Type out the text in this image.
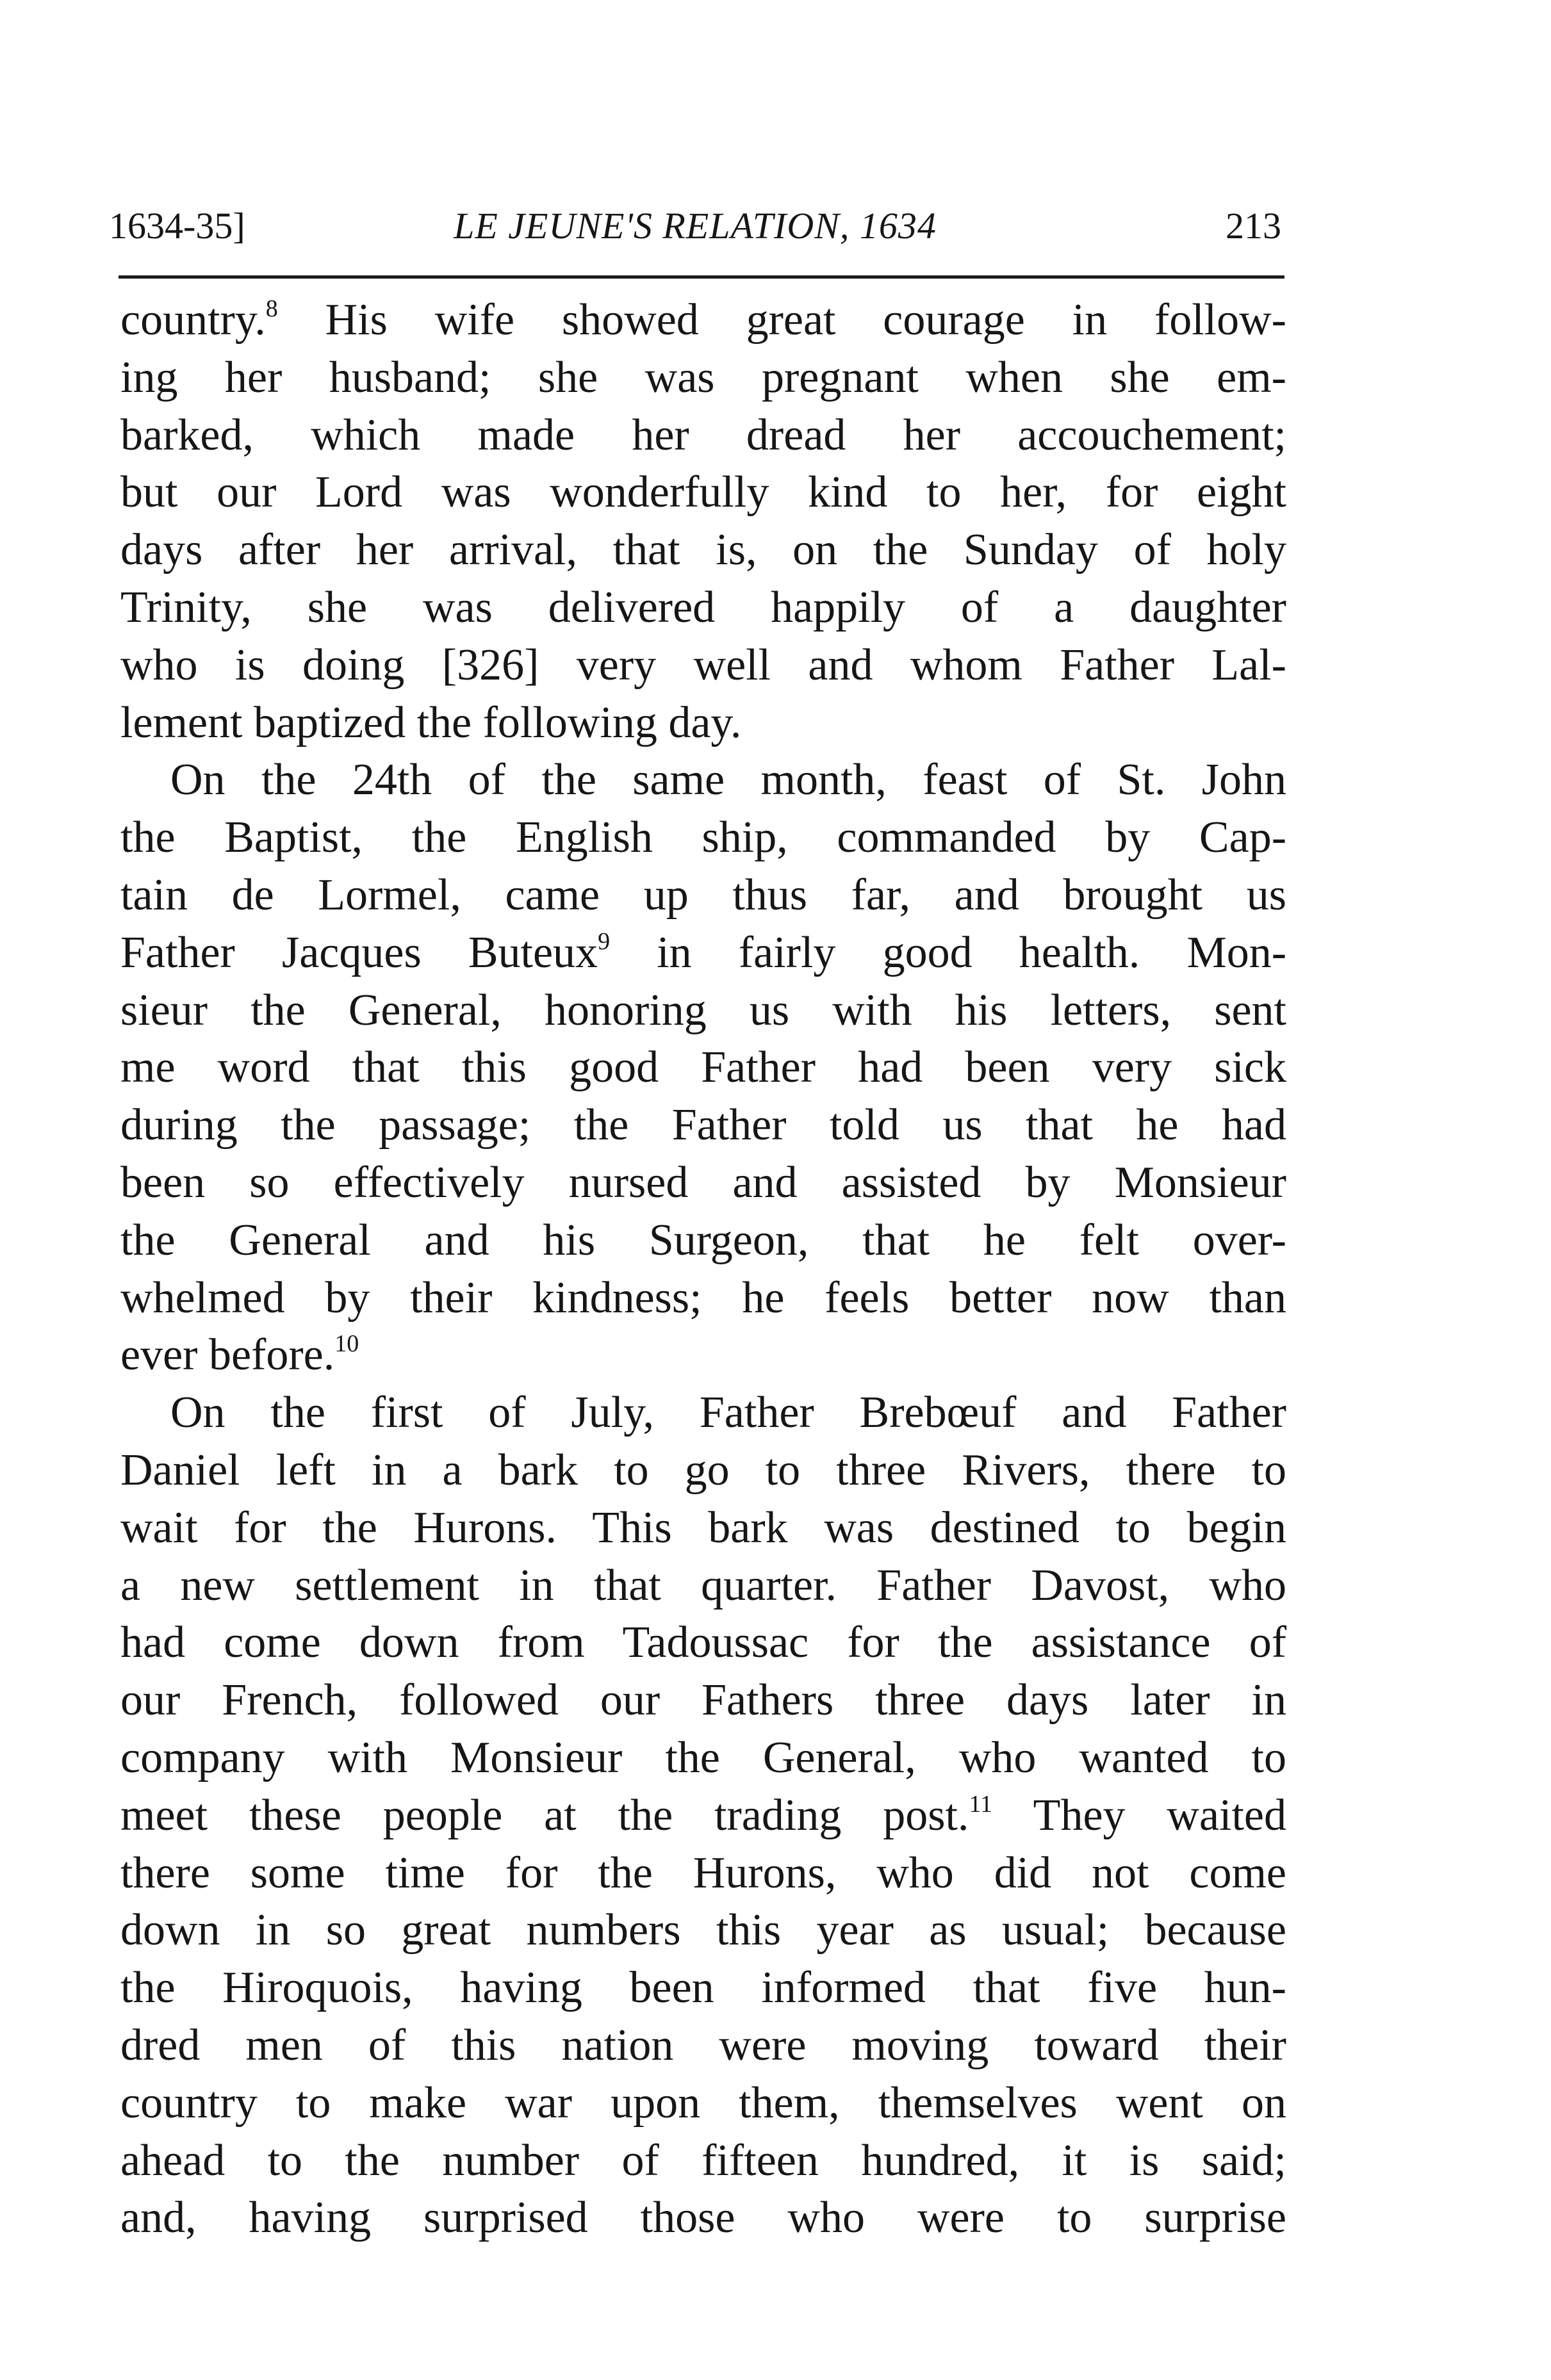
1634-35]	LE JEUNE'S RELATION, 1634	213
country.$^8$ His wife showed great courage in follow-
ing her husband; she was pregnant when she em-
barked, which made her dread her accouchement;
but our Lord was wonderfully kind to her, for eight
days after her arrival, that is, on the Sunday of holy
Trinity, she was delivered happily of a daughter
who is doing [326] very well and whom Father Lal-
lement baptized the following day.
On the 24th of the same month, feast of St. John
the Baptist, the English ship, commanded by Cap-
tain de Lormel, came up thus far, and brought us
Father Jacques Buteux$^9$ in fairly good health. Mon-
sieur the General, honoring us with his letters, sent
me word that this good Father had been very sick
during the passage; the Father told us that he had
been so effectively nursed and assisted by Monsieur
the General and his Surgeon, that he felt over-
whelmed by their kindness; he feels better now than
ever before.$^{10}$
On the first of July, Father Brebœuf and Father
Daniel left in a bark to go to three Rivers, there to
wait for the Hurons. This bark was destined to begin
a new settlement in that quarter. Father Davost, who
had come down from Tadoussac for the assistance of
our French, followed our Fathers three days later in
company with Monsieur the General, who wanted to
meet these people at the trading post.$^{11}$ They waited
there some time for the Hurons, who did not come
down in so great numbers this year as usual; because
the Hiroquois, having been informed that five hun-
dred men of this nation were moving toward their
country to make war upon them, themselves went on
ahead to the number of fifteen hundred, it is said;
and, having surprised those who were to surprise
